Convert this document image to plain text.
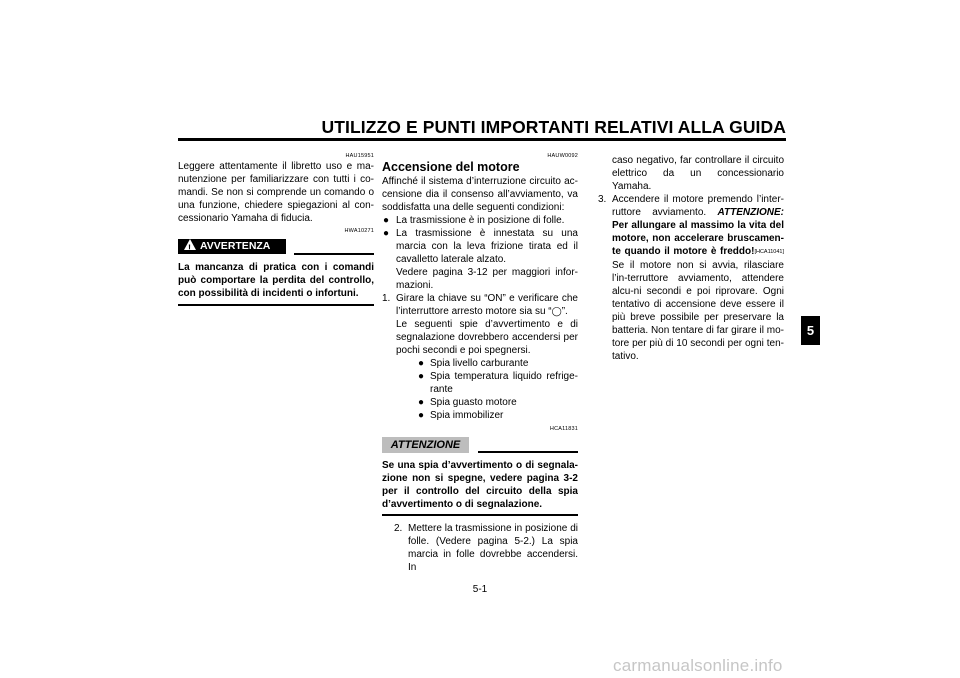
UTILIZZO E PUNTI IMPORTANTI RELATIVI ALLA GUIDA
5
HAU15951

Leggere attentamente il libretto uso e ma-nutenzione per familiarizzare con tutti i co-mandi. Se non si comprende un comando o una funzione, chiedere spiegazioni al con-cessionario Yamaha di fiducia.

HWA10271
! AVVERTENZA

La mancanza di pratica con i comandi può comportare la perdita del controllo, con possibilità di incidenti o infortuni.

HAUW0092
Accensione del motore

Affinché il sistema d’interruzione circuito ac-censione dia il consenso all’avviamento, va soddisfatta una delle seguenti condizioni:

● La trasmissione è in posizione di folle.

● La trasmissione è innestata su una marcia con la leva frizione tirata ed il cavalletto laterale alzato.

Vedere pagina 3-12 per maggiori infor-mazioni.

1. Girare la chiave su “ON” e verificare che l’interruttore arresto motore sia su “◯”.

Le seguenti spie d’avvertimento e di segnalazione dovrebbero accendersi per pochi secondi e poi spegnersi.

● Spia livello carburante

● Spia temperatura liquido refrige-rante

● Spia guasto motore

● Spia immobilizer

HCA11831
ATTENZIONE

Se una spia d’avvertimento o di segnala-zione non si spegne, vedere pagina 3-2 per il controllo del circuito della spia d’avvertimento o di segnalazione.

2. Mettere la trasmissione in posizione di folle. (Vedere pagina 5-2.) La spia marcia in folle dovrebbe accendersi. In

caso negativo, far controllare il circuito elettrico da un concessionario Yamaha.

3. Accendere il motore premendo l’inter-ruttore avviamento. ATTENZIONE: Per allungare al massimo la vita del motore, non accelerare bruscamen-te quando il motore è freddo![HCA11041] Se il motore non si avvia, rilasciare l’in-terruttore avviamento, attendere alcu-ni secondi e poi riprovare. Ogni tentativo di accensione deve essere il più breve possibile per preservare la batteria. Non tentare di far girare il mo-tore per più di 10 secondi per ogni ten-tativo.

5-1
carmanualsonline.info
